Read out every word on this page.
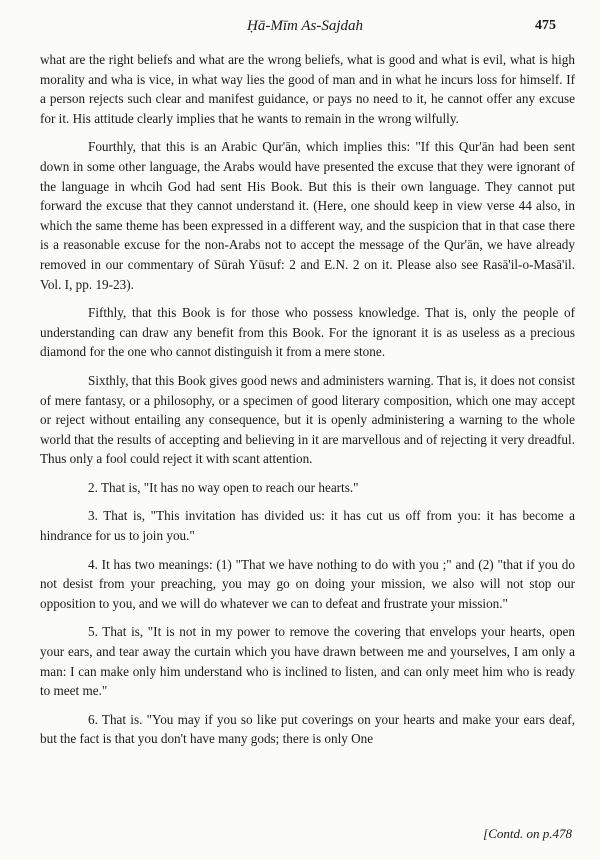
Ḥā-Mīm As-Sajdah	475

what are the right beliefs and what are the wrong beliefs, what is good and what is evil, what is high morality and wha is vice, in what way lies the good of man and in what he incurs loss for himself. If a person rejects such clear and manifest guidance, or pays no need to it, he cannot offer any excuse for it. His attitude clearly implies that he wants to remain in the wrong wilfully.

Fourthly, that this is an Arabic Qur'ān, which implies this: "If this Qur'ān had been sent down in some other language, the Arabs would have presented the excuse that they were ignorant of the language in whcih God had sent His Book. But this is their own language. They cannot put forward the excuse that they cannot understand it. (Here, one should keep in view verse 44 also, in which the same theme has been expressed in a different way, and the suspicion that in that case there is a reasonable excuse for the non-Arabs not to accept the message of the Qur'ān, we have already removed in our commentary of Sūrah Yūsuf: 2 and E.N. 2 on it. Please also see Rasā'il-o-Masā'il. Vol. I, pp. 19-23).

Fifthly, that this Book is for those who possess knowledge. That is, only the people of understanding can draw any benefit from this Book. For the ignorant it is as useless as a precious diamond for the one who cannot distinguish it from a mere stone.

Sixthly, that this Book gives good news and administers warning. That is, it does not consist of mere fantasy, or a philosophy, or a specimen of good literary composition, which one may accept or reject without entailing any consequence, but it is openly administering a warning to the whole world that the results of accepting and believing in it are marvellous and of rejecting it very dreadful. Thus only a fool could reject it with scant attention.

2. That is, "It has no way open to reach our hearts."

3. That is, "This invitation has divided us: it has cut us off from you: it has become a hindrance for us to join you."

4. It has two meanings: (1) "That we have nothing to do with you ;" and (2) "that if you do not desist from your preaching, you may go on doing your mission, we also will not stop our opposition to you, and we will do whatever we can to defeat and frustrate your mission."

5. That is, "It is not in my power to remove the covering that envelops your hearts, open your ears, and tear away the curtain which you have drawn between me and yourselves, I am only a man: I can make only him understand who is inclined to listen, and can only meet him who is ready to meet me."

6. That is. "You may if you so like put coverings on your hearts and make your ears deaf, but the fact is that you don't have many gods; there is only One

[Contd. on p.478
